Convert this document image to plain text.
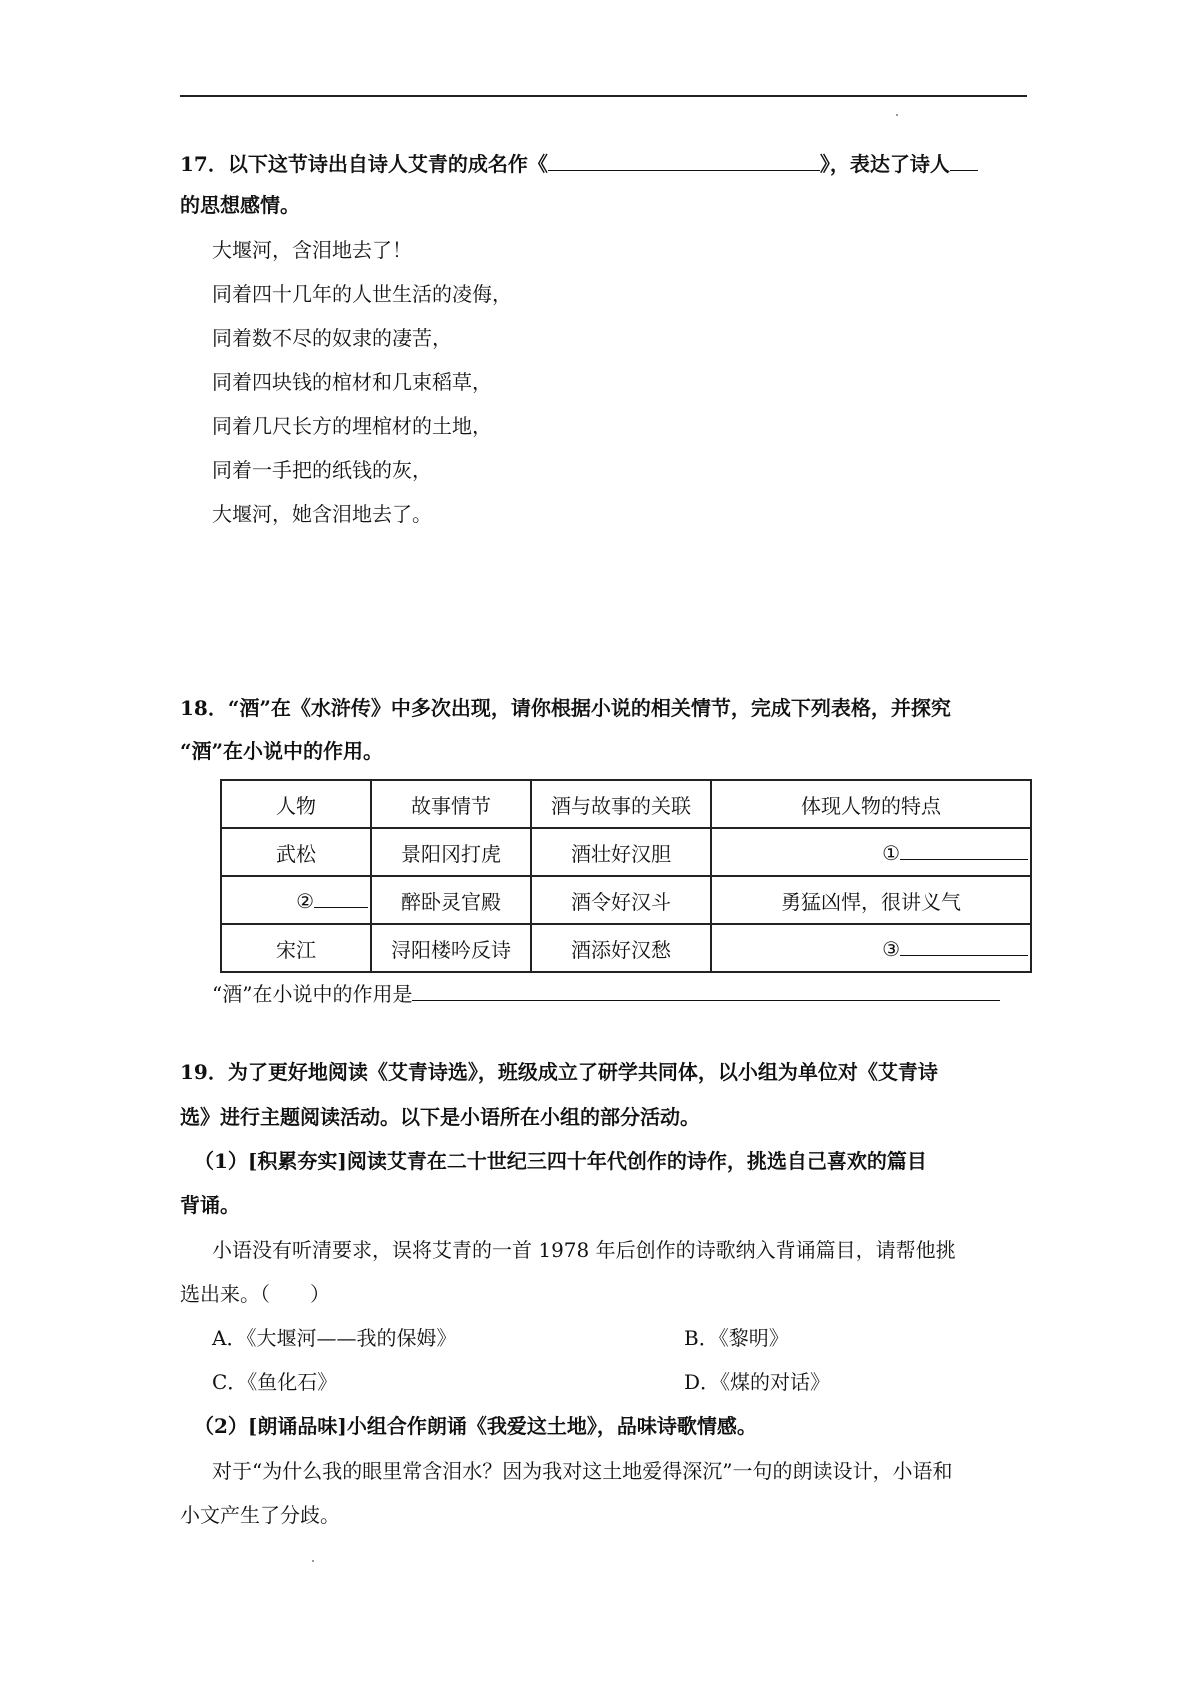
17．以下这节诗出自诗人艾青的成名作《	》，表达了诗人
的思想感情。
大堰河，含泪地去了！
同着四十几年的人世生活的凌侮，
同着数不尽的奴隶的凄苦，
同着四块钱的棺材和几束稻草，
同着几尺长方的埋棺材的土地，
同着一手把的纸钱的灰，
大堰河，她含泪地去了。
18．“酒”在《水浒传》中多次出现，请你根据小说的相关情节，完成下列表格，并探究
“酒”在小说中的作用。
人物	故事情节	酒与故事的关联	体现人物的特点
武松	景阳冈打虎	酒壮好汉胆	①
②	醉卧灵官殿	酒令好汉斗	勇猛凶悍，很讲义气
宋江	浔阳楼吟反诗	酒添好汉愁	③
“酒”在小说中的作用是
19．为了更好地阅读《艾青诗选》，班级成立了研学共同体，以小组为单位对《艾青诗
选》进行主题阅读活动。以下是小语所在小组的部分活动。
（1）[积累夯实]阅读艾青在二十世纪三四十年代创作的诗作，挑选自己喜欢的篇目
背诵。
小语没有听清要求，误将艾青的一首 1978 年后创作的诗歌纳入背诵篇目，请帮他挑
选出来。（　　）
A．《大堰河——我的保姆》	B．《黎明》
C．《鱼化石》	D．《煤的对话》
（2）[朗诵品味]小组合作朗诵《我爱这土地》，品味诗歌情感。
对于“为什么我的眼里常含泪水？因为我对这土地爱得深沉”一句的朗读设计，小语和
小文产生了分歧。
